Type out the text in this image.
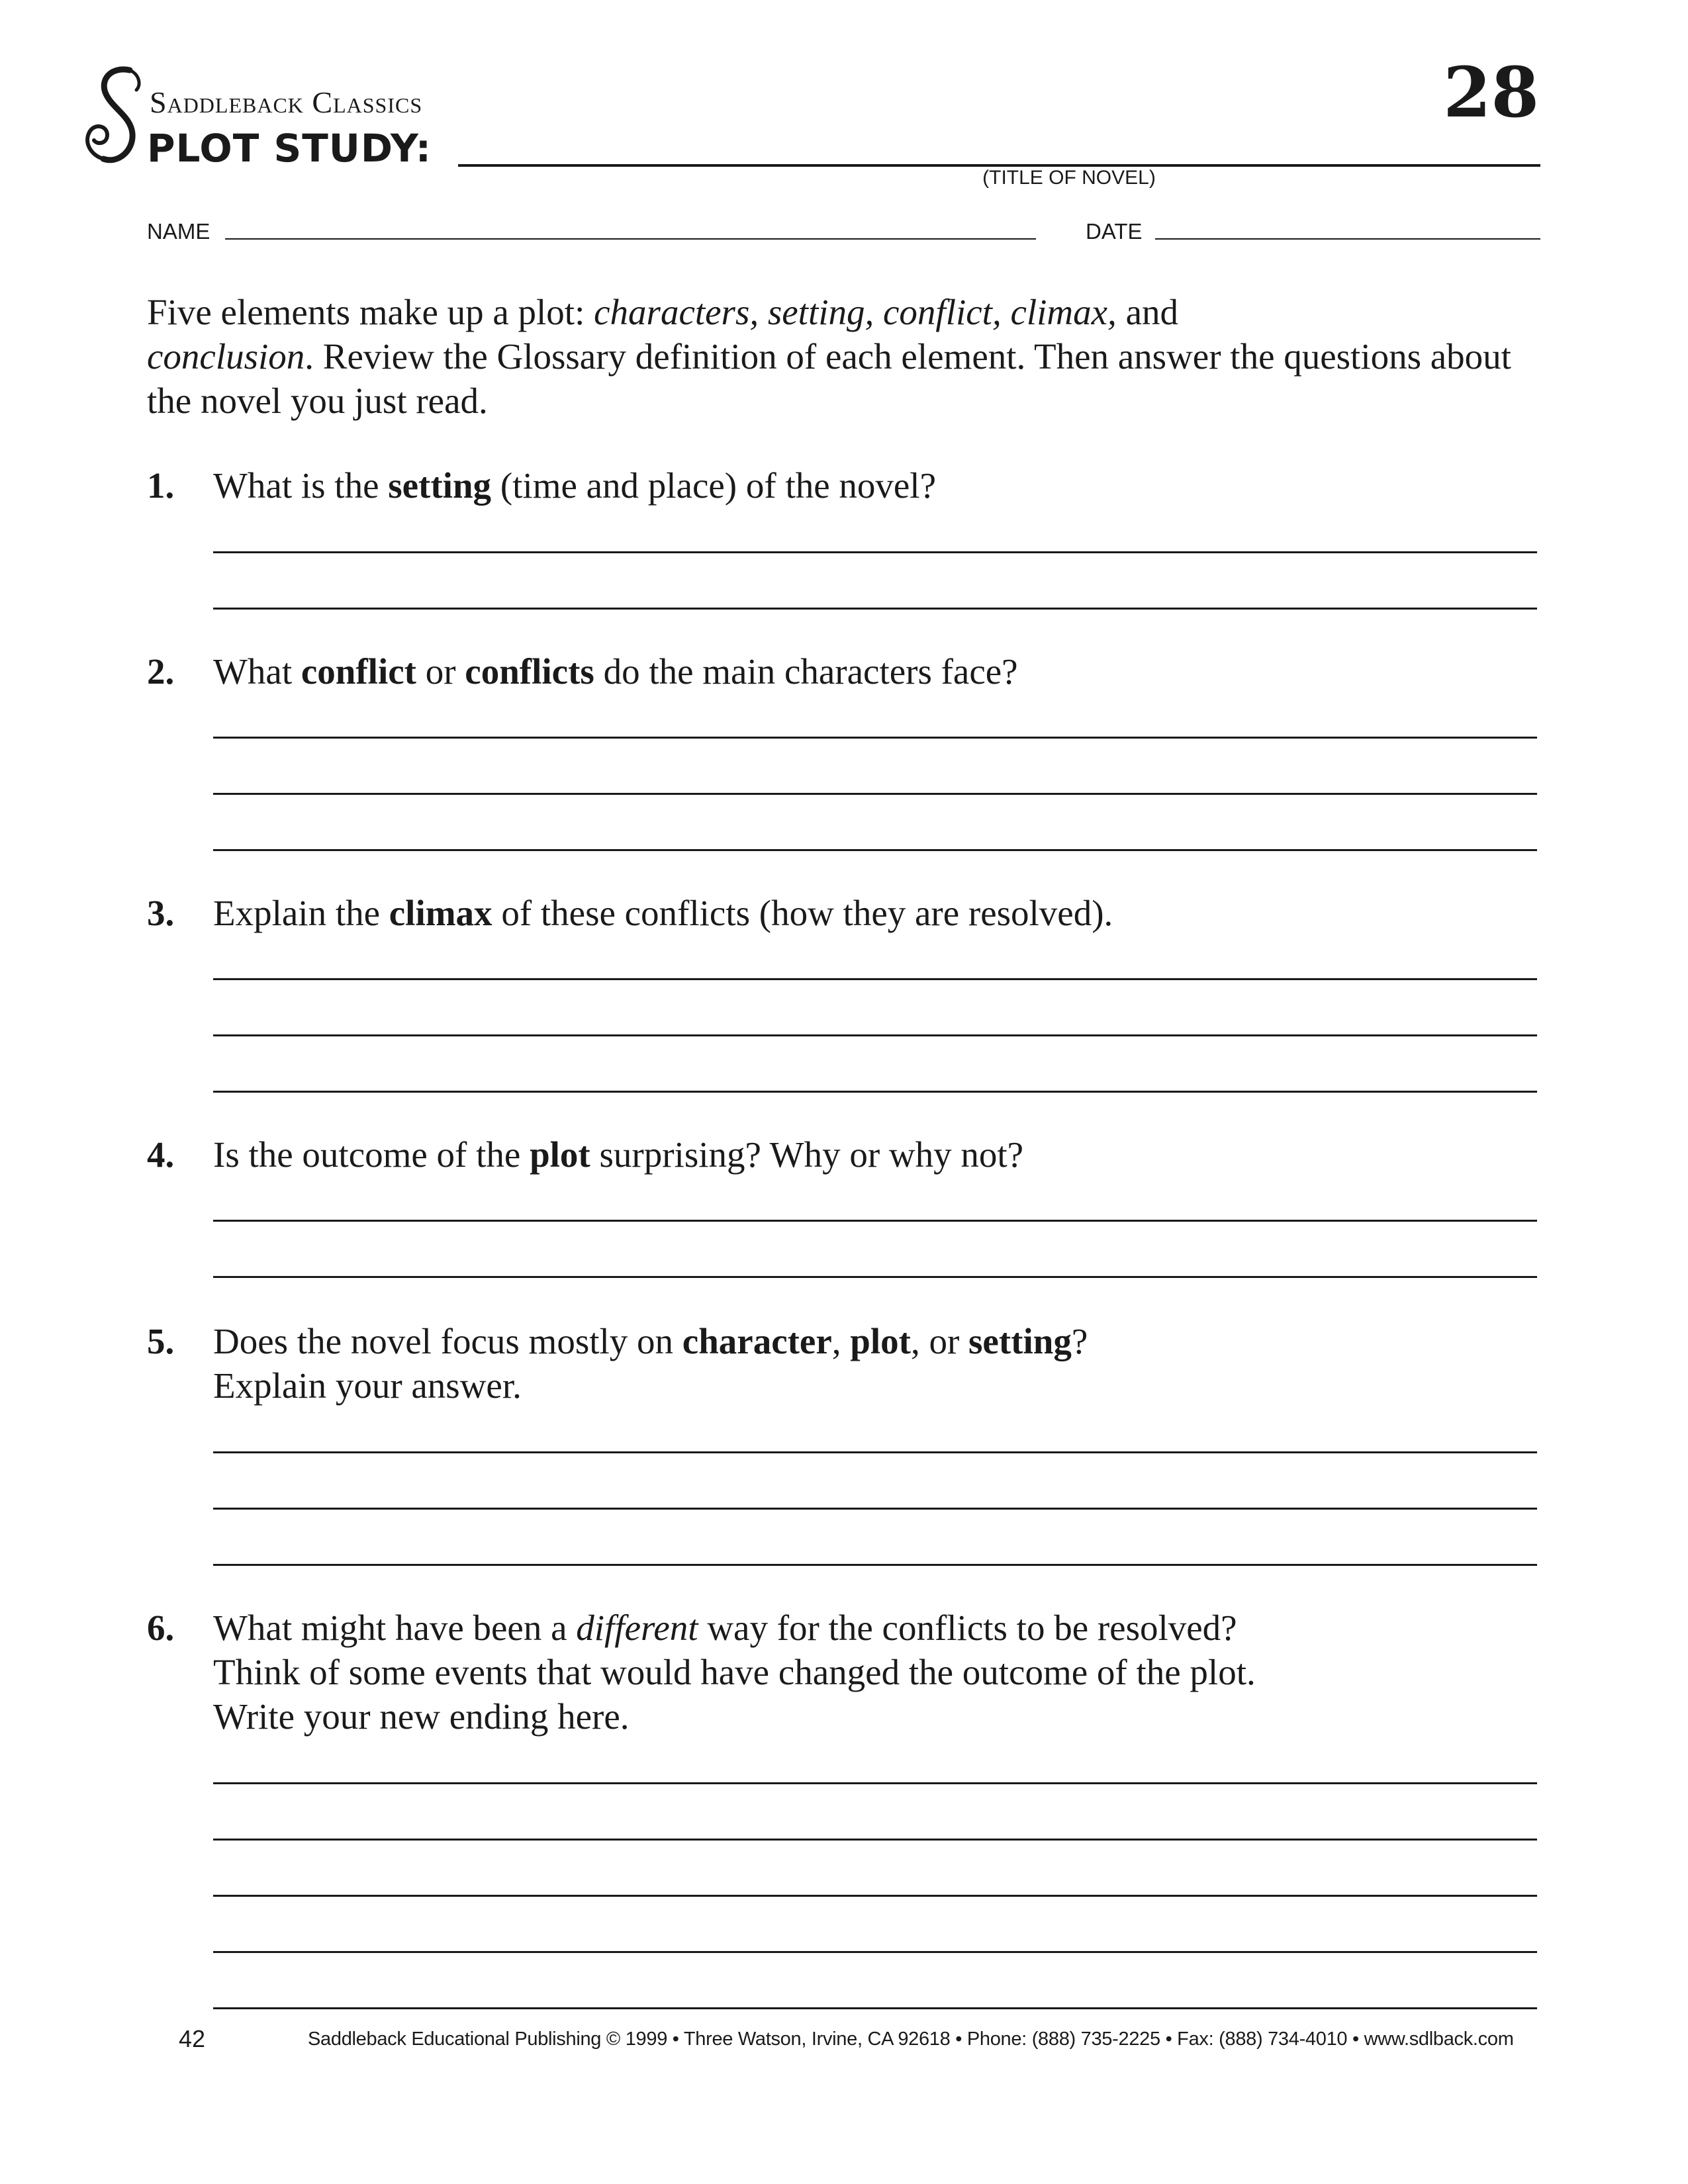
Saddleback Classics
PLOT STUDY:
28
(TITLE OF NOVEL)
NAME	DATE
Five elements make up a plot: characters, setting, conflict, climax, and
conclusion. Review the Glossary definition of each element. Then answer the questions about the novel you just read.
1. What is the setting (time and place) of the novel?
2. What conflict or conflicts do the main characters face?
3. Explain the climax of these conflicts (how they are resolved).
4. Is the outcome of the plot surprising? Why or why not?
5. Does the novel focus mostly on character, plot, or setting?
Explain your answer.
6. What might have been a different way for the conflicts to be resolved?
Think of some events that would have changed the outcome of the plot.
Write your new ending here.
42	Saddleback Educational Publishing © 1999 • Three Watson, Irvine, CA 92618 • Phone: (888) 735-2225 • Fax: (888) 734-4010 • www.sdlback.com
